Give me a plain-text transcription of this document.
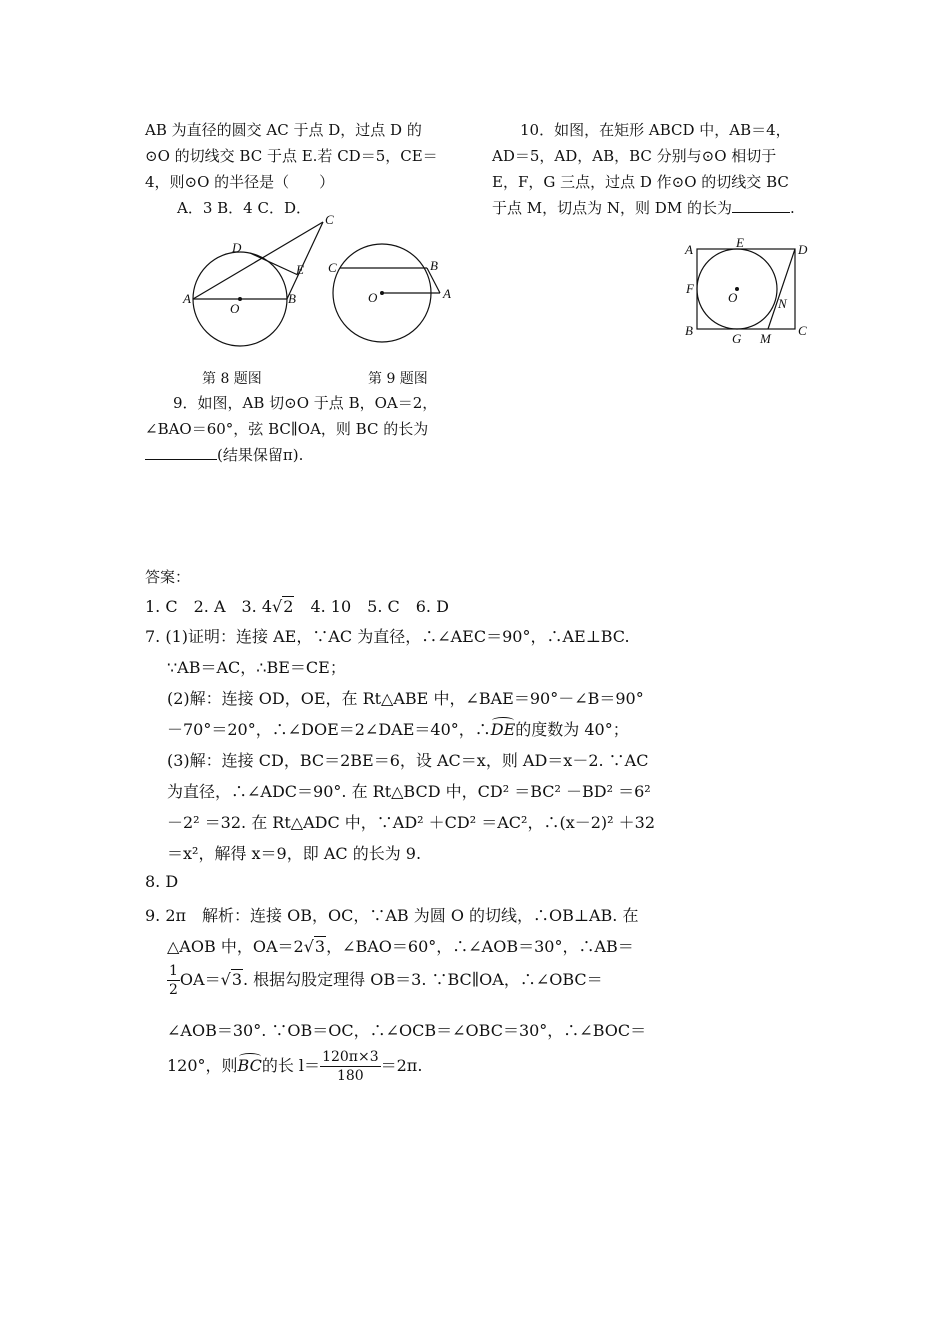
AB 为直径的圆交 AC 于点 D，过点 D 的

⊙O 的切线交 BC 于点 E.若 CD＝5，CE＝

4，则⊙O 的半径是（　　）

A．3 B．4 C．D．

A	B
C
D
E
O
C	B
A
O
第 8 题图	第 9 题图

9．如图，AB 切⊙O 于点 B，OA＝2，

∠BAO＝60°，弦 BC∥OA，则 BC 的长为

(结果保留π).

10．如图，在矩形 ABCD 中，AB＝4，

AD＝5，AD，AB，BC 分别与⊙O 相切于

E，F，G 三点，过点 D 作⊙O 的切线交 BC

于点 M，切点为 N，则 DM 的长为	.

A	D
B	C
E
F
G M
N
O
答案：
1. C　2. A　3. 4√2　4. 10　5. C　6. D
7. (1)证明：连接 AE，∵AC 为直径，∴∠AEC＝90°，∴AE⊥BC.
∵AB＝AC，∴BE＝CE；
(2)解：连接 OD，OE，在 Rt△ABE 中，∠BAE＝90°－∠B＝90°
－70°＝20°，∴∠DOE＝2∠DAE＝40°，∴DE的度数为 40°；
(3)解：连接 CD，BC＝2BE＝6，设 AC＝x，则 AD＝x－2. ∵AC
为直径，∴∠ADC＝90°. 在 Rt△BCD 中，CD² ＝BC² －BD² ＝6²
－2² ＝32. 在 Rt△ADC 中，∵AD² ＋CD² ＝AC²，∴(x－2)² ＋32
＝x²，解得 x＝9，即 AC 的长为 9.
8. D
9. 2π　解析：连接 OB，OC，∵AB 为圆 O 的切线，∴OB⊥AB. 在
△AOB 中，OA＝2√3，∠BAO＝60°，∴∠AOB＝30°，∴AB＝
$\frac{1}{2} OA=√3$. 根据勾股定理得 OB＝3. ∵BC∥OA，∴∠OBC＝
∠AOB＝30°. ∵OB＝OC，∴∠OCB＝∠OBC＝30°，∴∠BOC＝
120°，则BC的长 $l= \frac{120\pi\times 3}{180} =2\pi$.
